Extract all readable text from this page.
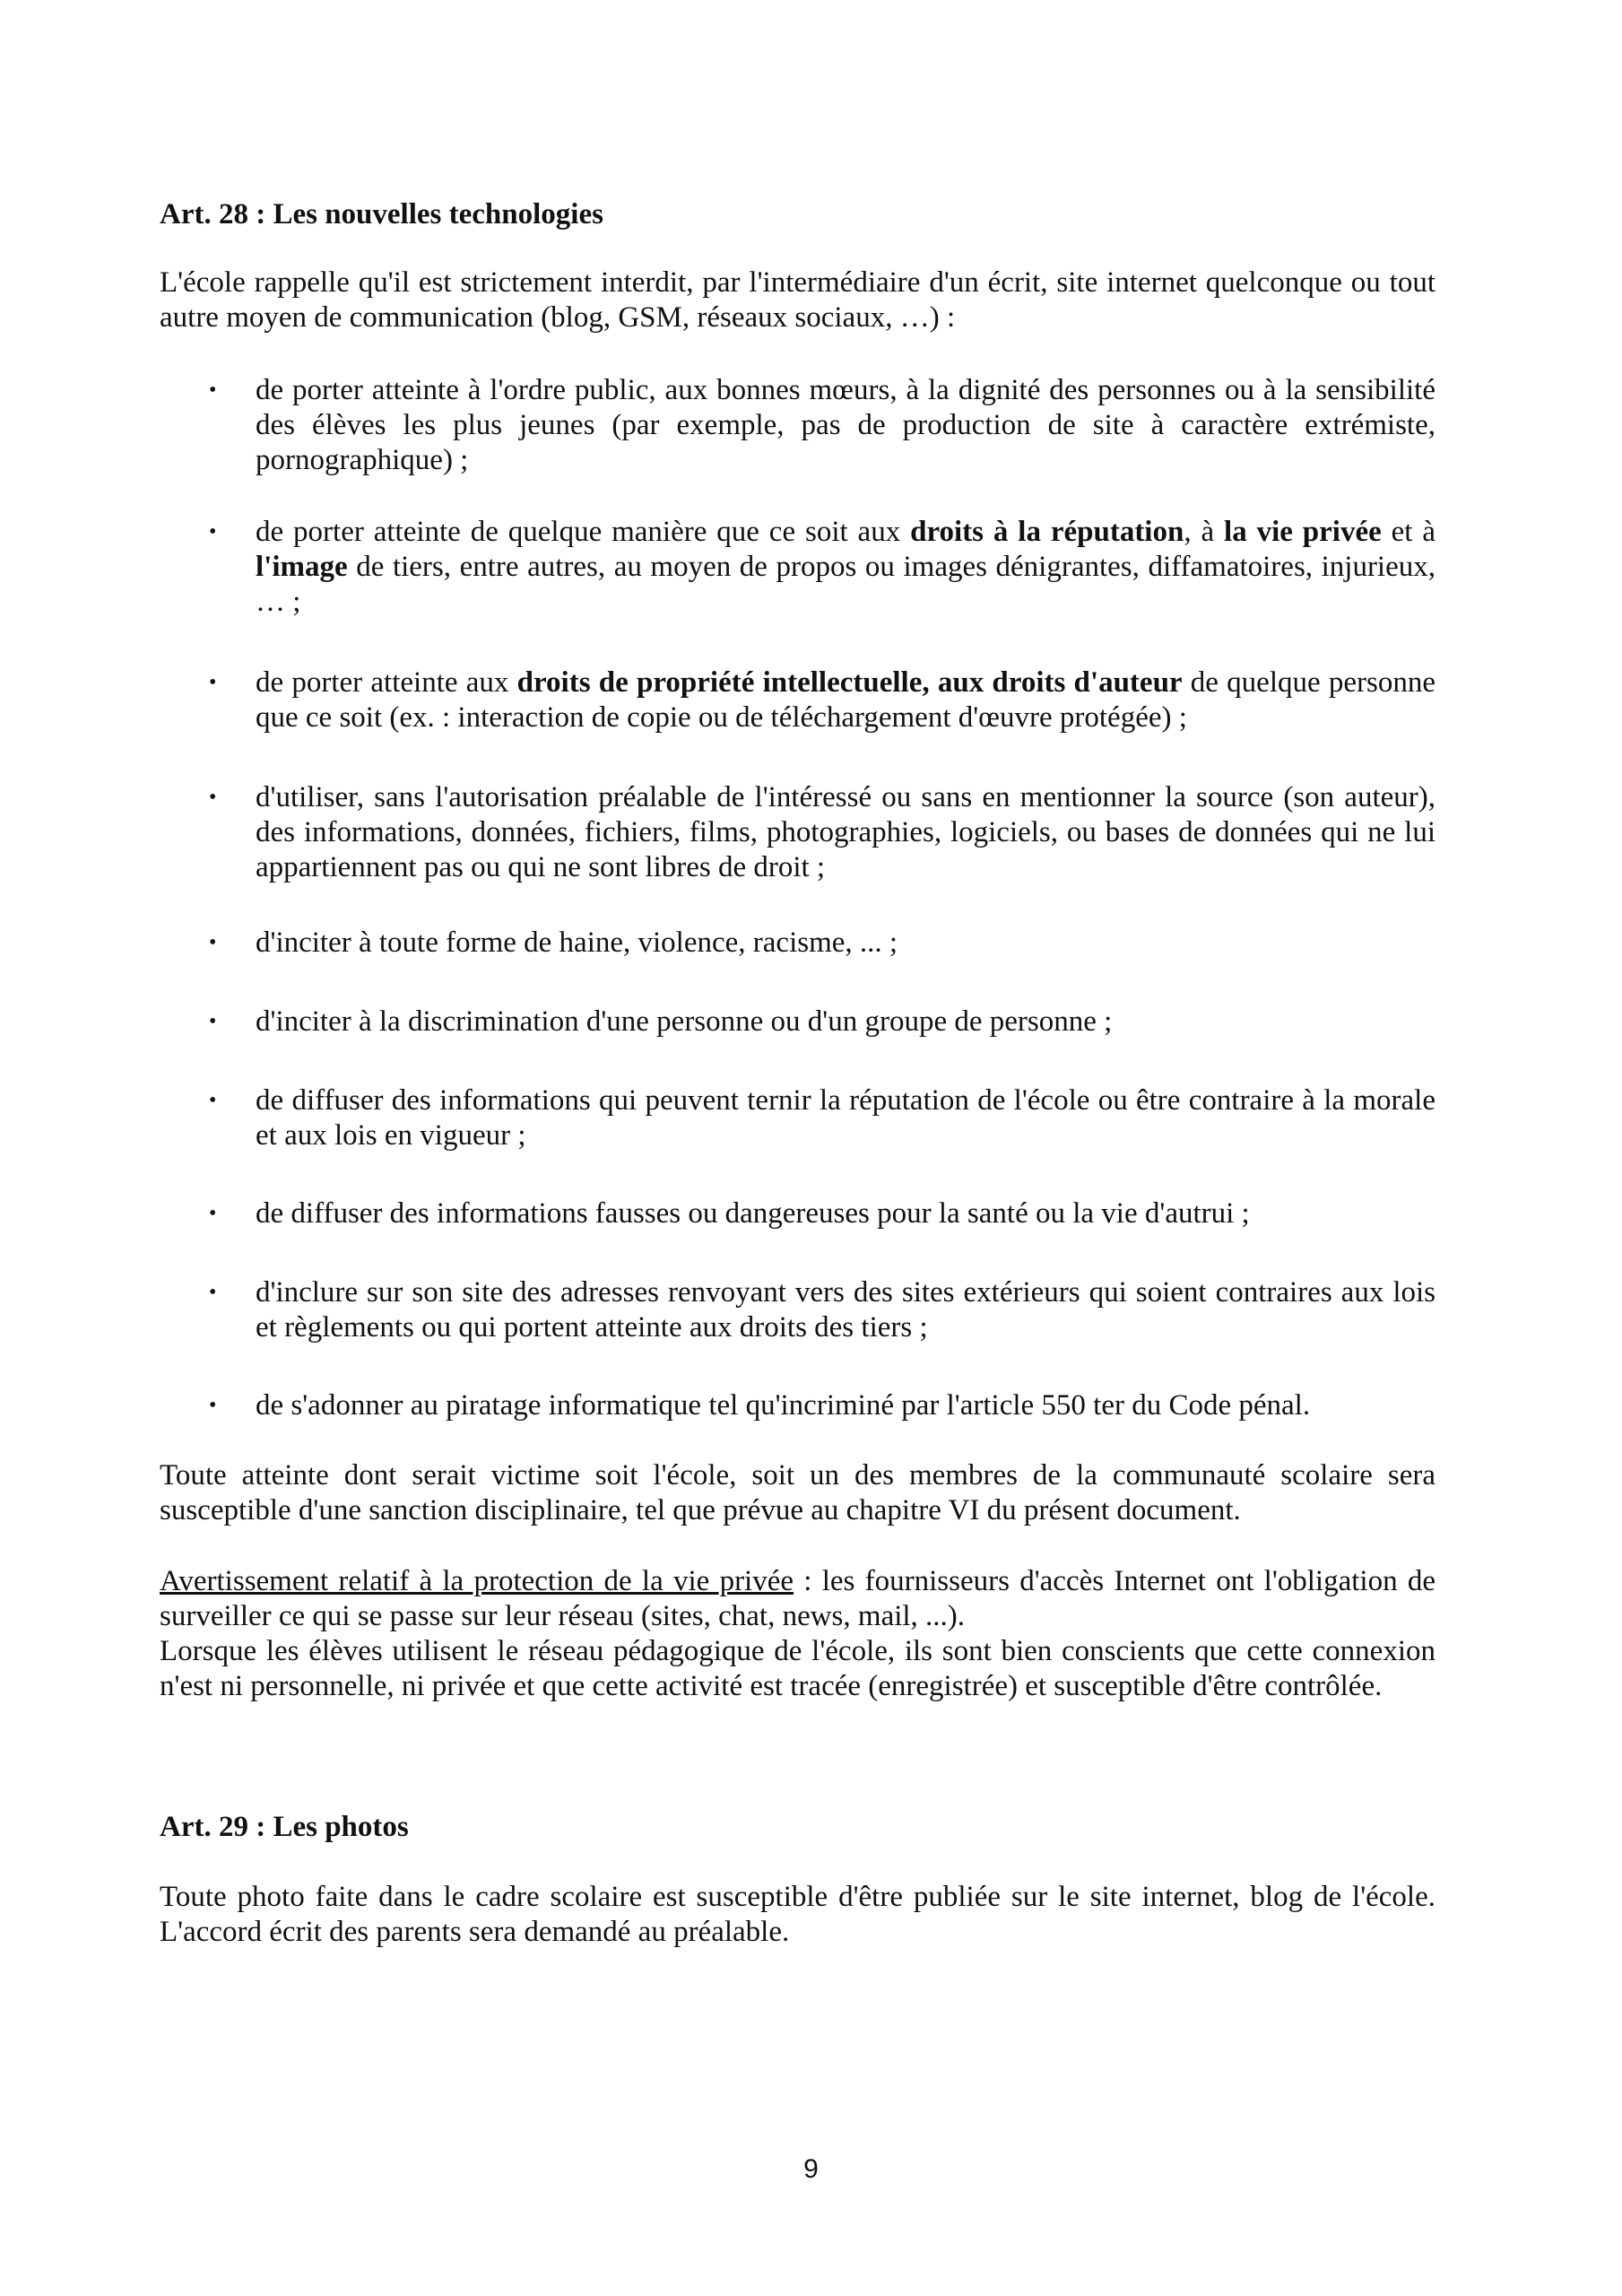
Art. 28 : Les nouvelles technologies

L'école rappelle qu'il est strictement interdit, par l'intermédiaire d'un écrit, site internet quelconque ou tout autre moyen de communication (blog, GSM, réseaux sociaux, …) :

• de porter atteinte à l'ordre public, aux bonnes mœurs, à la dignité des personnes ou à la sensibilité des élèves les plus jeunes (par exemple, pas de production de site à caractère extrémiste, pornographique) ;
• de porter atteinte de quelque manière que ce soit aux droits à la réputation, à la vie privée et à l'image de tiers, entre autres, au moyen de propos ou images dénigrantes, diffamatoires, injurieux, … ;
• de porter atteinte aux droits de propriété intellectuelle, aux droits d'auteur de quelque personne que ce soit (ex. : interaction de copie ou de téléchargement d'œuvre protégée) ;
• d'utiliser, sans l'autorisation préalable de l'intéressé ou sans en mentionner la source (son auteur), des informations, données, fichiers, films, photographies, logiciels, ou bases de données qui ne lui appartiennent pas ou qui ne sont libres de droit ;
• d'inciter à toute forme de haine, violence, racisme, ... ;
• d'inciter à la discrimination d'une personne ou d'un groupe de personne ;
• de diffuser des informations qui peuvent ternir la réputation de l'école ou être contraire à la morale et aux lois en vigueur ;
• de diffuser des informations fausses ou dangereuses pour la santé ou la vie d'autrui ;
• d'inclure sur son site des adresses renvoyant vers des sites extérieurs qui soient contraires aux lois et règlements ou qui portent atteinte aux droits des tiers ;
• de s'adonner au piratage informatique tel qu'incriminé par l'article 550 ter du Code pénal.

Toute atteinte dont serait victime soit l'école, soit un des membres de la communauté scolaire sera susceptible d'une sanction disciplinaire, tel que prévue au chapitre VI du présent document.

Avertissement relatif à la protection de la vie privée : les fournisseurs d'accès Internet ont l'obligation de surveiller ce qui se passe sur leur réseau (sites, chat, news, mail, ...).

Lorsque les élèves utilisent le réseau pédagogique de l'école, ils sont bien conscients que cette connexion n'est ni personnelle, ni privée et que cette activité est tracée (enregistrée) et susceptible d'être contrôlée.

Art. 29 : Les photos

Toute photo faite dans le cadre scolaire est susceptible d'être publiée sur le site internet, blog de l'école. L'accord écrit des parents sera demandé au préalable.

9
